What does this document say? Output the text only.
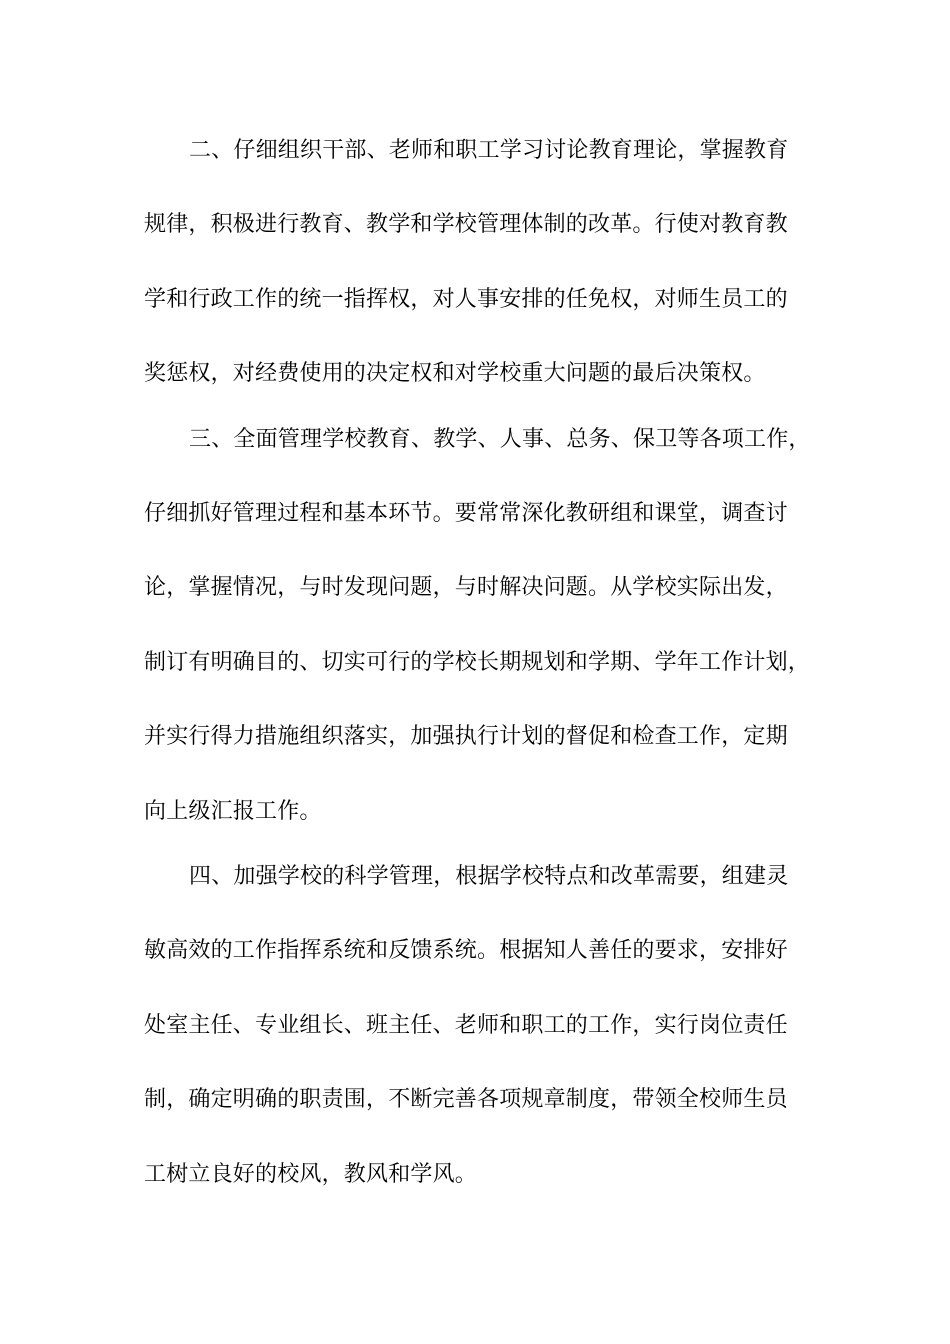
二、仔细组织干部、老师和职工学习讨论教育理论，掌握教育

规律，积极进行教育、教学和学校管理体制的改革。行使对教育教

学和行政工作的统一指挥权，对人事安排的任免权，对师生员工的

奖惩权，对经费使用的决定权和对学校重大问题的最后决策权。

三、全面管理学校教育、教学、人事、总务、保卫等各项工作，

仔细抓好管理过程和基本环节。要常常深化教研组和课堂，调查讨

论，掌握情况，与时发现问题，与时解决问题。从学校实际出发，

制订有明确目的、切实可行的学校长期规划和学期、学年工作计划，

并实行得力措施组织落实，加强执行计划的督促和检查工作，定期

向上级汇报工作。

四、加强学校的科学管理，根据学校特点和改革需要，组建灵

敏高效的工作指挥系统和反馈系统。根据知人善任的要求，安排好

处室主任、专业组长、班主任、老师和职工的工作，实行岗位责任

制，确定明确的职责围，不断完善各项规章制度，带领全校师生员

工树立良好的校风，教风和学风。
